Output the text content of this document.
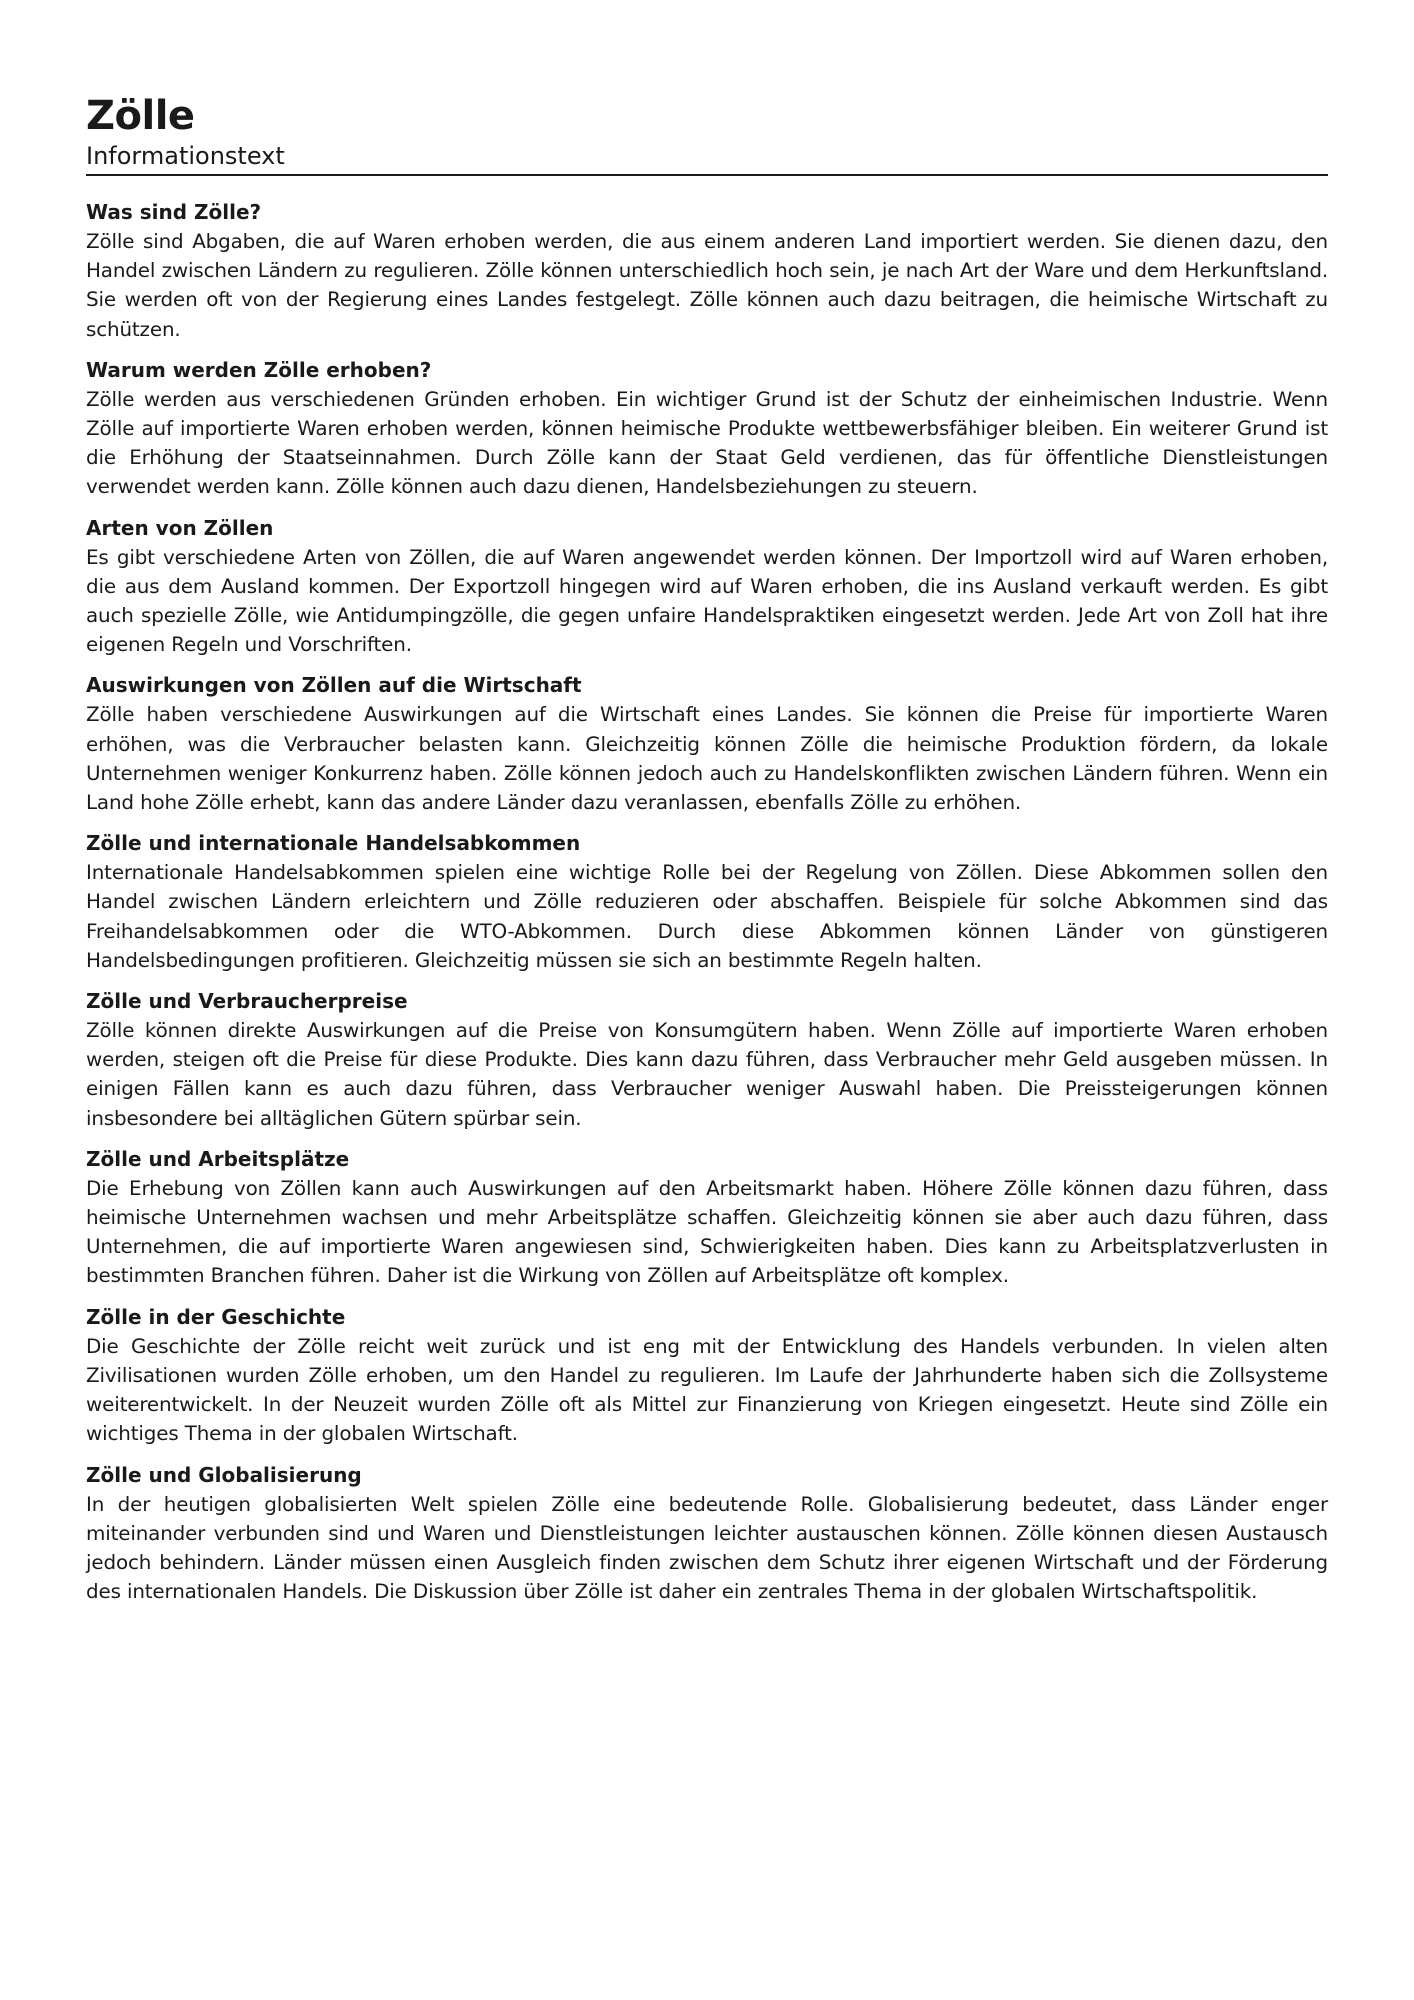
Zölle
Informationstext
Was sind Zölle?

Zölle sind Abgaben, die auf Waren erhoben werden, die aus einem anderen Land importiert werden. Sie dienen dazu, den Handel zwischen Ländern zu regulieren. Zölle können unterschiedlich hoch sein, je nach Art der Ware und dem Herkunftsland. Sie werden oft von der Regierung eines Landes festgelegt. Zölle können auch dazu beitragen, die heimische Wirtschaft zu schützen.

Warum werden Zölle erhoben?

Zölle werden aus verschiedenen Gründen erhoben. Ein wichtiger Grund ist der Schutz der einheimischen Industrie. Wenn Zölle auf importierte Waren erhoben werden, können heimische Produkte wettbewerbsfähiger bleiben. Ein weiterer Grund ist die Erhöhung der Staatseinnahmen. Durch Zölle kann der Staat Geld verdienen, das für öffentliche Dienstleistungen verwendet werden kann. Zölle können auch dazu dienen, Handelsbeziehungen zu steuern.

Arten von Zöllen

Es gibt verschiedene Arten von Zöllen, die auf Waren angewendet werden können. Der Importzoll wird auf Waren erhoben, die aus dem Ausland kommen. Der Exportzoll hingegen wird auf Waren erhoben, die ins Ausland verkauft werden. Es gibt auch spezielle Zölle, wie Antidumpingzölle, die gegen unfaire Handelspraktiken eingesetzt werden. Jede Art von Zoll hat ihre eigenen Regeln und Vorschriften.

Auswirkungen von Zöllen auf die Wirtschaft

Zölle haben verschiedene Auswirkungen auf die Wirtschaft eines Landes. Sie können die Preise für importierte Waren erhöhen, was die Verbraucher belasten kann. Gleichzeitig können Zölle die heimische Produktion fördern, da lokale Unternehmen weniger Konkurrenz haben. Zölle können jedoch auch zu Handelskonflikten zwischen Ländern führen. Wenn ein Land hohe Zölle erhebt, kann das andere Länder dazu veranlassen, ebenfalls Zölle zu erhöhen.

Zölle und internationale Handelsabkommen

Internationale Handelsabkommen spielen eine wichtige Rolle bei der Regelung von Zöllen. Diese Abkommen sollen den Handel zwischen Ländern erleichtern und Zölle reduzieren oder abschaffen. Beispiele für solche Abkommen sind das Freihandelsabkommen oder die WTO-Abkommen. Durch diese Abkommen können Länder von günstigeren Handelsbedingungen profitieren. Gleichzeitig müssen sie sich an bestimmte Regeln halten.

Zölle und Verbraucherpreise

Zölle können direkte Auswirkungen auf die Preise von Konsumgütern haben. Wenn Zölle auf importierte Waren erhoben werden, steigen oft die Preise für diese Produkte. Dies kann dazu führen, dass Verbraucher mehr Geld ausgeben müssen. In einigen Fällen kann es auch dazu führen, dass Verbraucher weniger Auswahl haben. Die Preissteigerungen können insbesondere bei alltäglichen Gütern spürbar sein.

Zölle und Arbeitsplätze

Die Erhebung von Zöllen kann auch Auswirkungen auf den Arbeitsmarkt haben. Höhere Zölle können dazu führen, dass heimische Unternehmen wachsen und mehr Arbeitsplätze schaffen. Gleichzeitig können sie aber auch dazu führen, dass Unternehmen, die auf importierte Waren angewiesen sind, Schwierigkeiten haben. Dies kann zu Arbeitsplatzverlusten in bestimmten Branchen führen. Daher ist die Wirkung von Zöllen auf Arbeitsplätze oft komplex.

Zölle in der Geschichte

Die Geschichte der Zölle reicht weit zurück und ist eng mit der Entwicklung des Handels verbunden. In vielen alten Zivilisationen wurden Zölle erhoben, um den Handel zu regulieren. Im Laufe der Jahrhunderte haben sich die Zollsysteme weiterentwickelt. In der Neuzeit wurden Zölle oft als Mittel zur Finanzierung von Kriegen eingesetzt. Heute sind Zölle ein wichtiges Thema in der globalen Wirtschaft.

Zölle und Globalisierung

In der heutigen globalisierten Welt spielen Zölle eine bedeutende Rolle. Globalisierung bedeutet, dass Länder enger miteinander verbunden sind und Waren und Dienstleistungen leichter austauschen können. Zölle können diesen Austausch jedoch behindern. Länder müssen einen Ausgleich finden zwischen dem Schutz ihrer eigenen Wirtschaft und der Förderung des internationalen Handels. Die Diskussion über Zölle ist daher ein zentrales Thema in der globalen Wirtschaftspolitik.
